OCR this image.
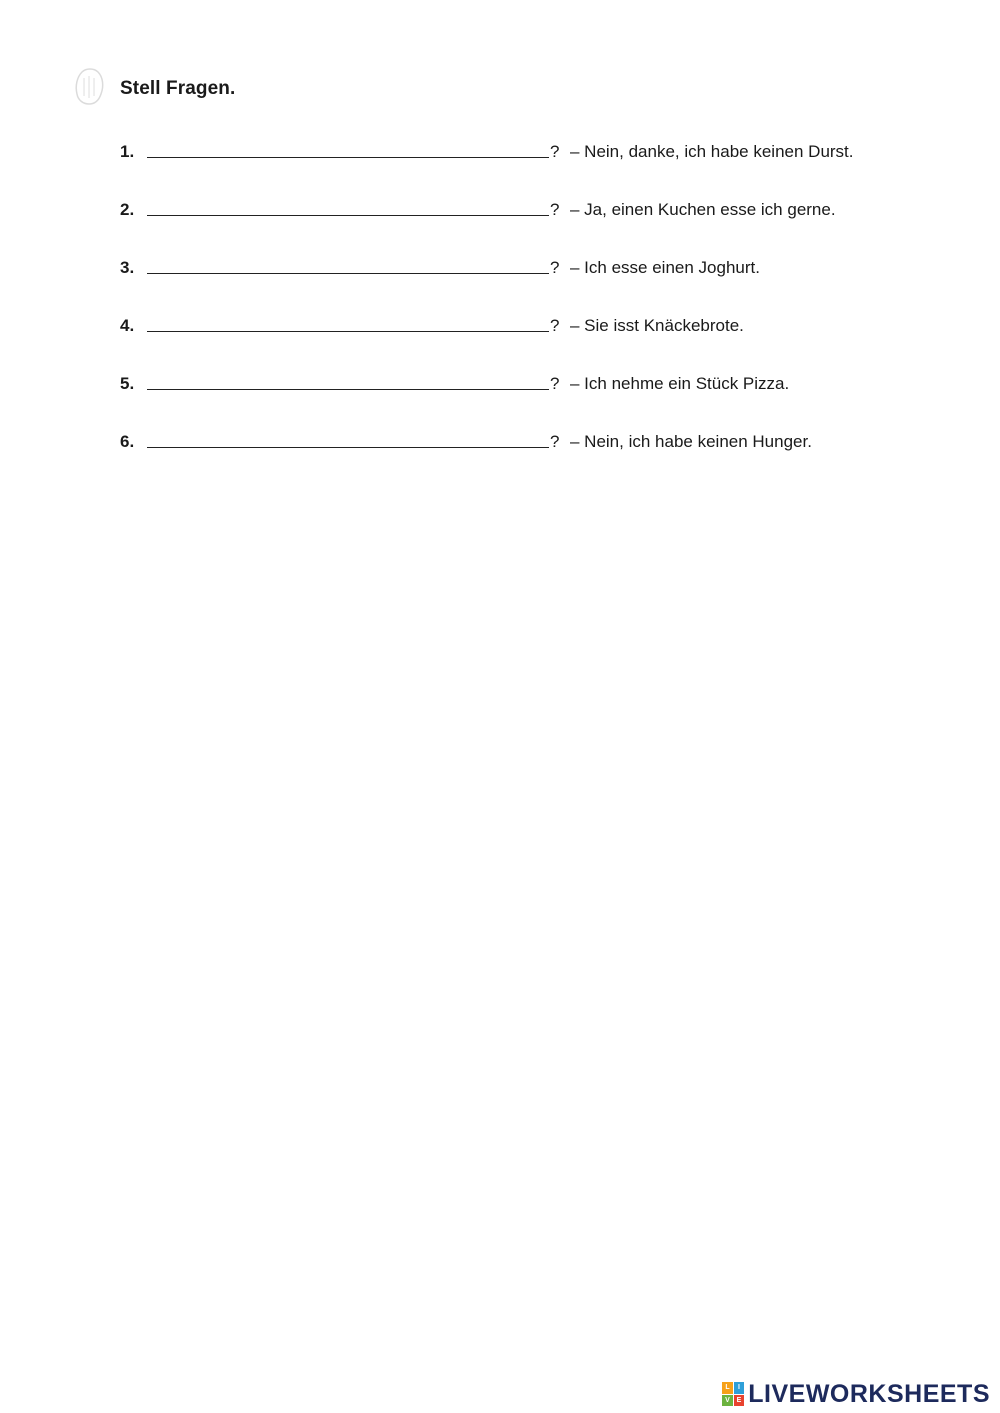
Stell Fragen.
1.	? – Nein, danke, ich habe keinen Durst.
2.	? – Ja, einen Kuchen esse ich gerne.
3.	? – Ich esse einen Joghurt.
4.	? – Sie isst Knäckebrote.
5.	? – Ich nehme ein Stück Pizza.
6.	? – Nein, ich habe keinen Hunger.
L	I
V E LIVEWORKSHEETS
